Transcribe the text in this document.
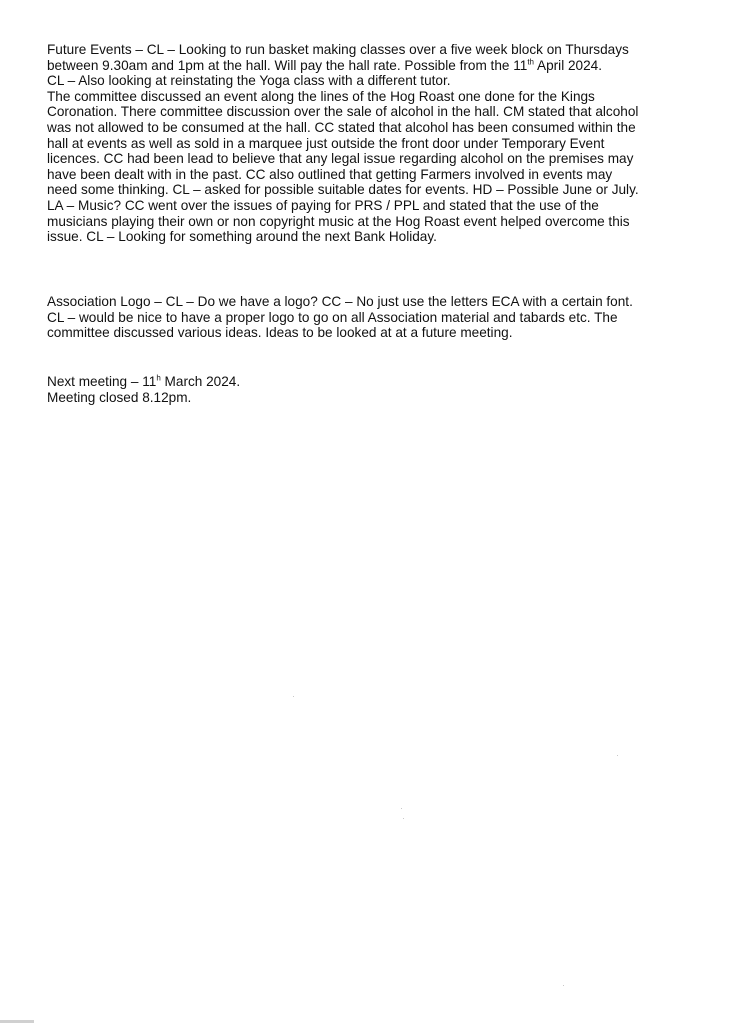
Future Events – CL – Looking to run basket making classes over a five week block on Thursdays
between 9.30am and 1pm at the hall. Will pay the hall rate. Possible from the 11th April 2024.
CL – Also looking at reinstating the Yoga class with a different tutor.
The committee discussed an event along the lines of the Hog Roast one done for the Kings
Coronation. There committee discussion over the sale of alcohol in the hall. CM stated that alcohol
was not allowed to be consumed at the hall. CC stated that alcohol has been consumed within the
hall at events as well as sold in a marquee just outside the front door under Temporary Event
licences. CC had been lead to believe that any legal issue regarding alcohol on the premises may
have been dealt with in the past. CC also outlined that getting Farmers involved in events may
need some thinking. CL – asked for possible suitable dates for events. HD – Possible June or July.
LA – Music? CC went over the issues of paying for PRS / PPL and stated that the use of the
musicians playing their own or non copyright music at the Hog Roast event helped overcome this
issue. CL – Looking for something around the next Bank Holiday.
Association Logo – CL – Do we have a logo? CC – No just use the letters ECA with a certain font.
CL – would be nice to have a proper logo to go on all Association material and tabards etc. The
committee discussed various ideas. Ideas to be looked at at a future meeting.
Next meeting – 11$^h$ March 2024.
Meeting closed 8.12pm.
